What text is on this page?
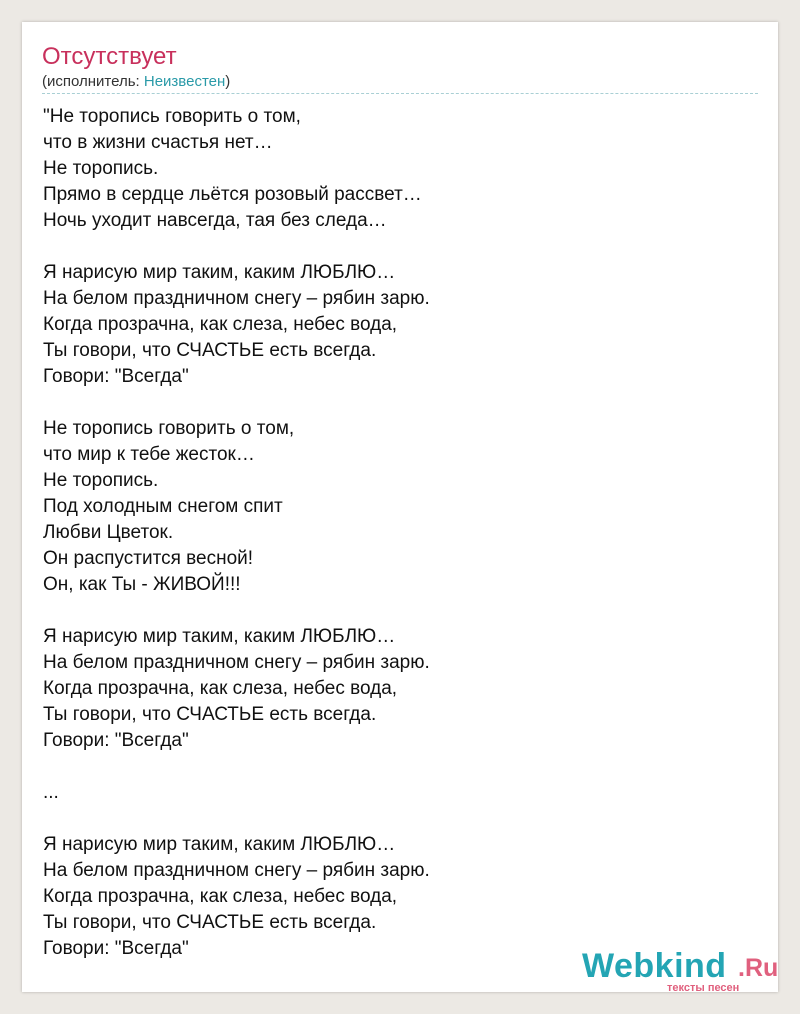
Отсутствует
(исполнитель: Неизвестен)
"Не торопись говорить о том,
что в жизни счастья нет…
Не торопись.
Прямо в сердце льётся розовый рассвет…
Ночь уходит навсегда, тая без следа…
Я нарисую мир таким, каким ЛЮБЛЮ…
На белом праздничном снегу – рябин зарю.
Когда прозрачна, как слеза, небес вода,
Ты говори, что СЧАСТЬЕ есть всегда.
Говори: "Всегда"
Не торопись говорить о том,
что мир к тебе жесток…
Не торопись.
Под холодным снегом спит
Любви Цветок.
Он распустится весной!
Он, как Ты - ЖИВОЙ!!!
Я нарисую мир таким, каким ЛЮБЛЮ…
На белом праздничном снегу – рябин зарю.
Когда прозрачна, как слеза, небес вода,
Ты говори, что СЧАСТЬЕ есть всегда.
Говори: "Всегда"
...
Я нарисую мир таким, каким ЛЮБЛЮ…
На белом праздничном снегу – рябин зарю.
Когда прозрачна, как слеза, небес вода,
Ты говори, что СЧАСТЬЕ есть всегда.
Говори: "Всегда"	Webkind .Ru
тексты песен
